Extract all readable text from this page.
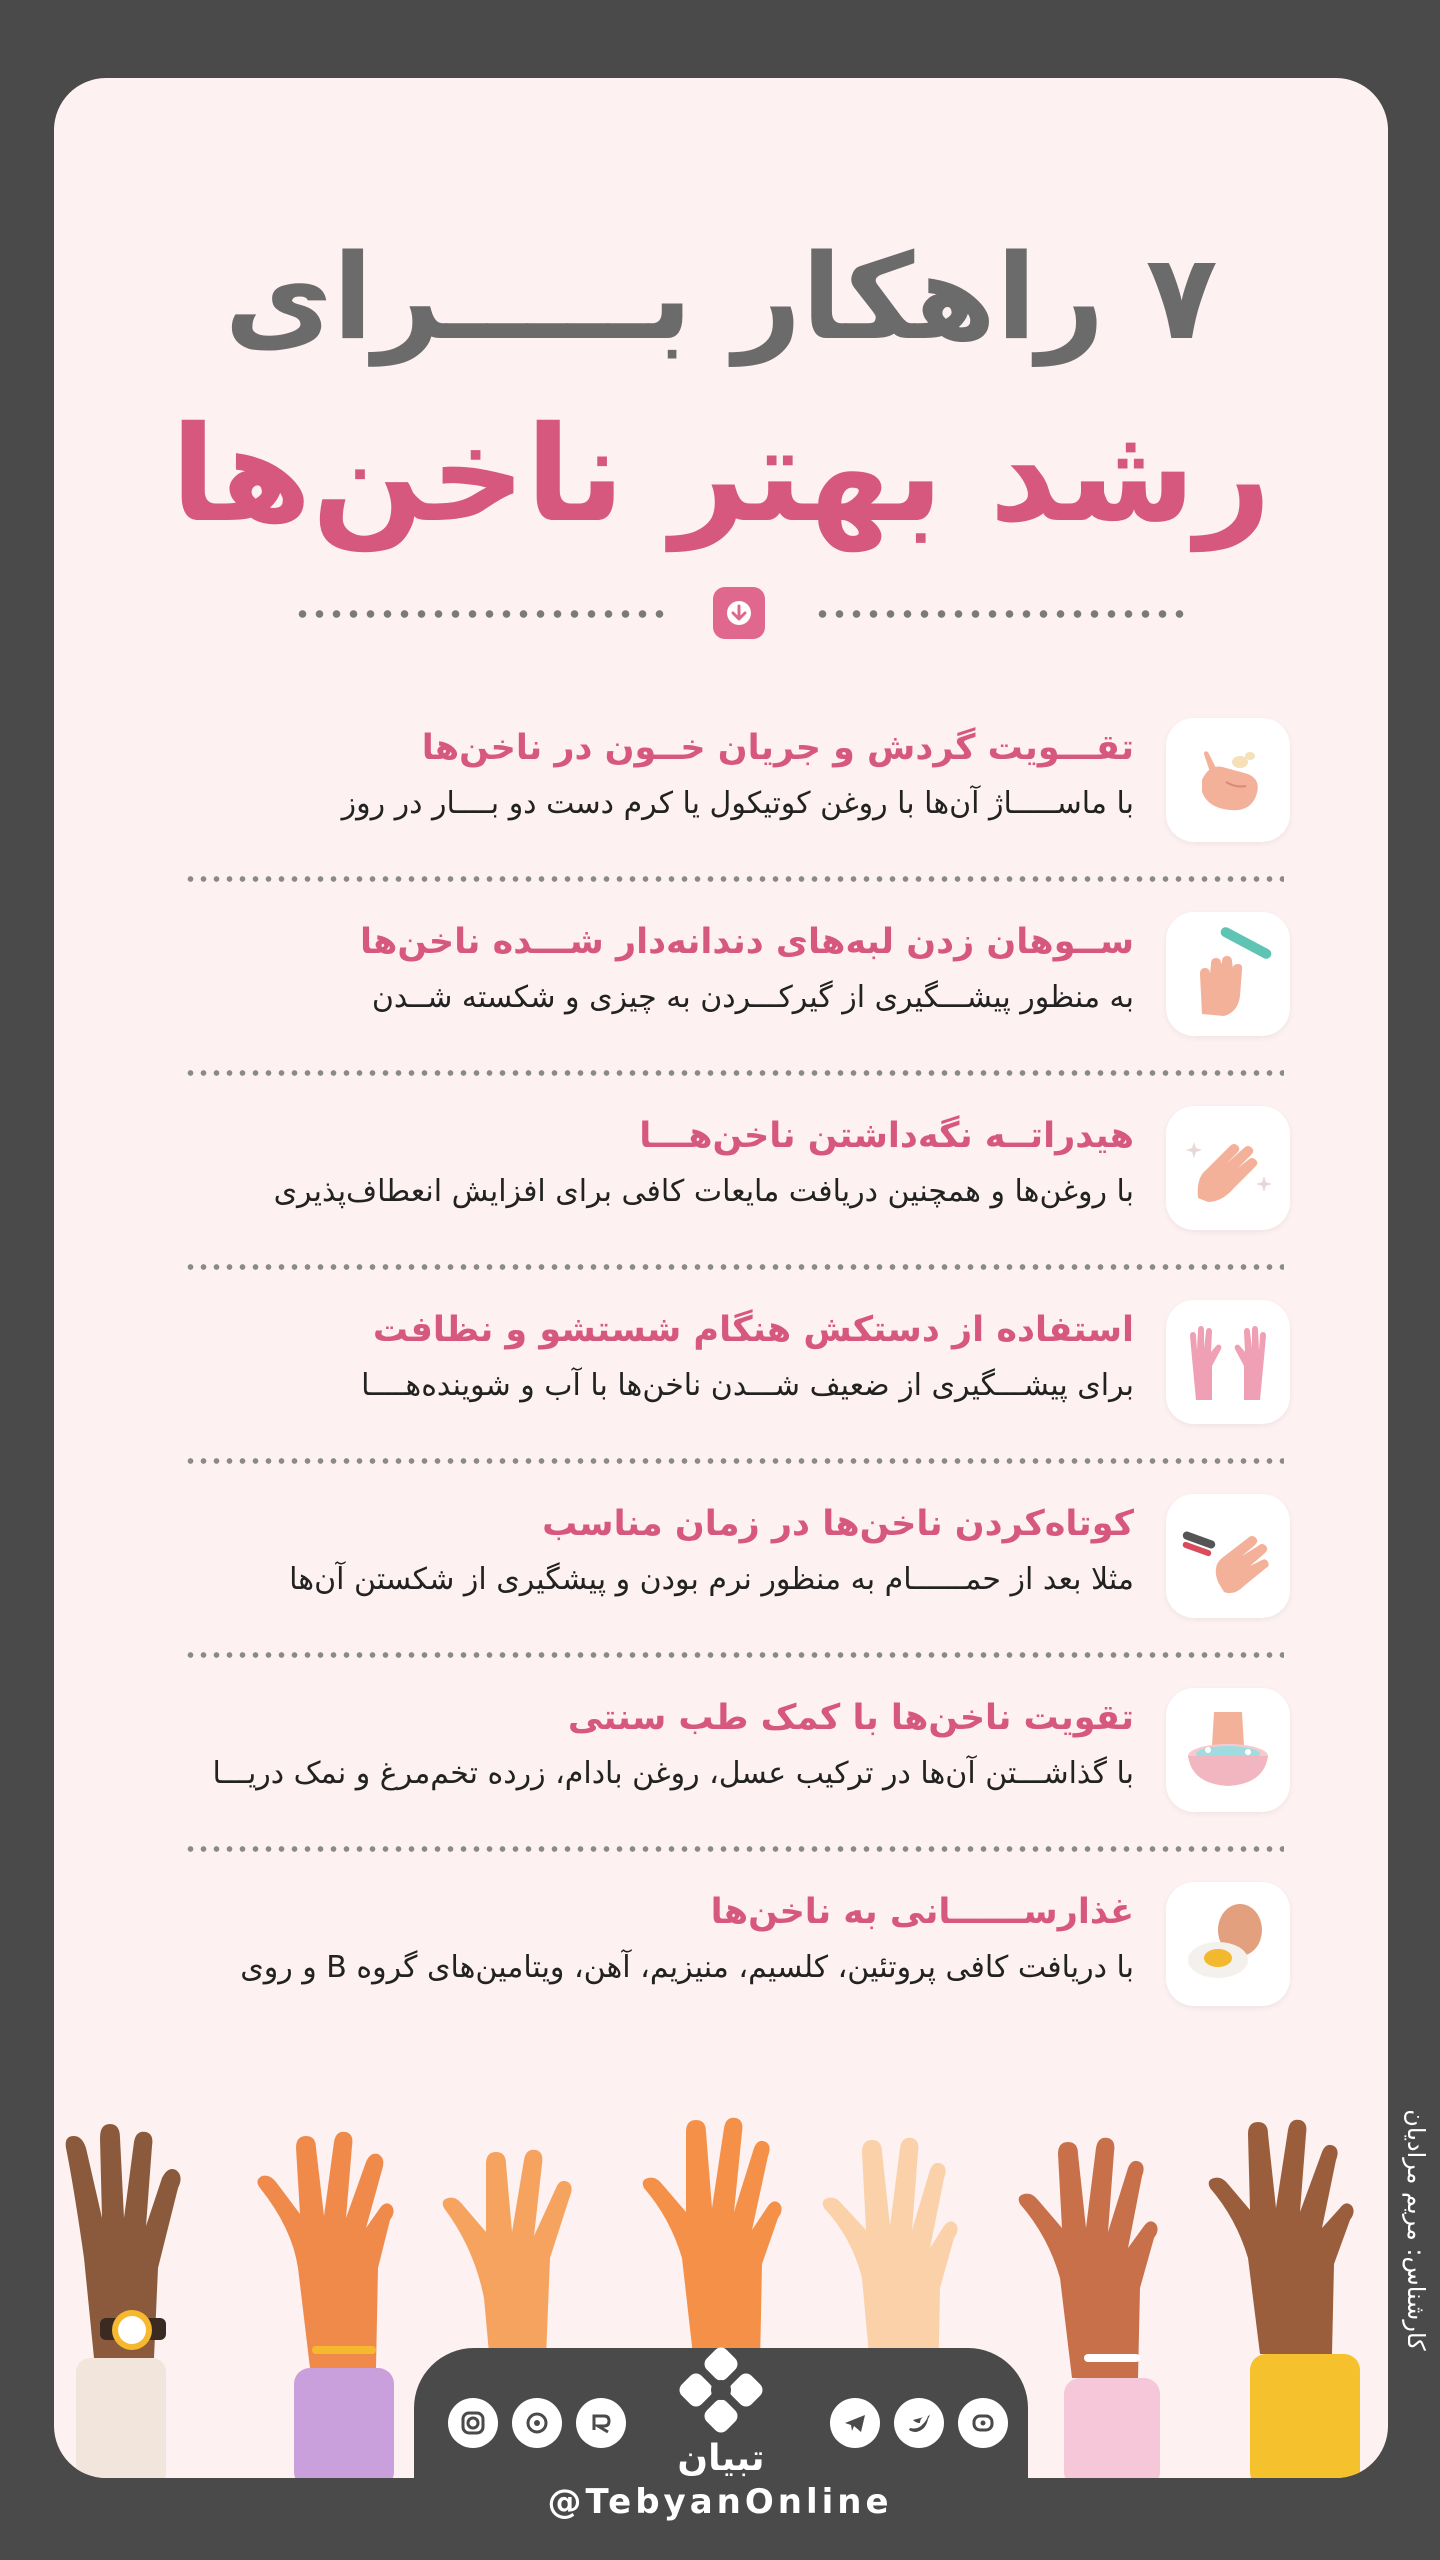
۷ راهکار بـــــرای
رشد بهتر ناخن‌ها
تقـــویت گردش و جریان خــون در ناخن‌ها
با ماســـــاژ آن‌ها با روغن کوتیکول یا کرم دست دو بــــار در روز
ســوهان زدن لبه‌های دندانه‌دار شـــده ناخن‌ها
به منظور پیشـــگیری از گیرکـــردن به چیزی و شکسته شــدن
هیدراتــه نگه‌داشتن ناخن‌هـــا
با روغن‌ها و همچنین دریافت مایعات کافی برای افزایش انعطاف‌پذیری
استفاده از دستکش هنگام شستشو و نظافت
برای پیشـــگیری از ضعیف شـــدن ناخن‌ها با آب و شوینده‌هــــا
کوتاه‌کردن ناخن‌ها در زمان مناسب
مثلا بعد از حمــــــام به منظور نرم بودن و پیشگیری از شکستن آن‌ها
تقویت ناخن‌ها با کمک طب سنتی
با گذاشـــتن آن‌ها در ترکیب عسل، روغن بادام، زرده تخم‌مرغ و نمک دریـــا
غذارســــــانی به ناخن‌ها
با دریافت کافی پروتئین، کلسیم، منیزیم، آهن، ویتامین‌های گروه B و روی
تبیان
@TebyanOnline
کارشناس: مریم مرادیان
